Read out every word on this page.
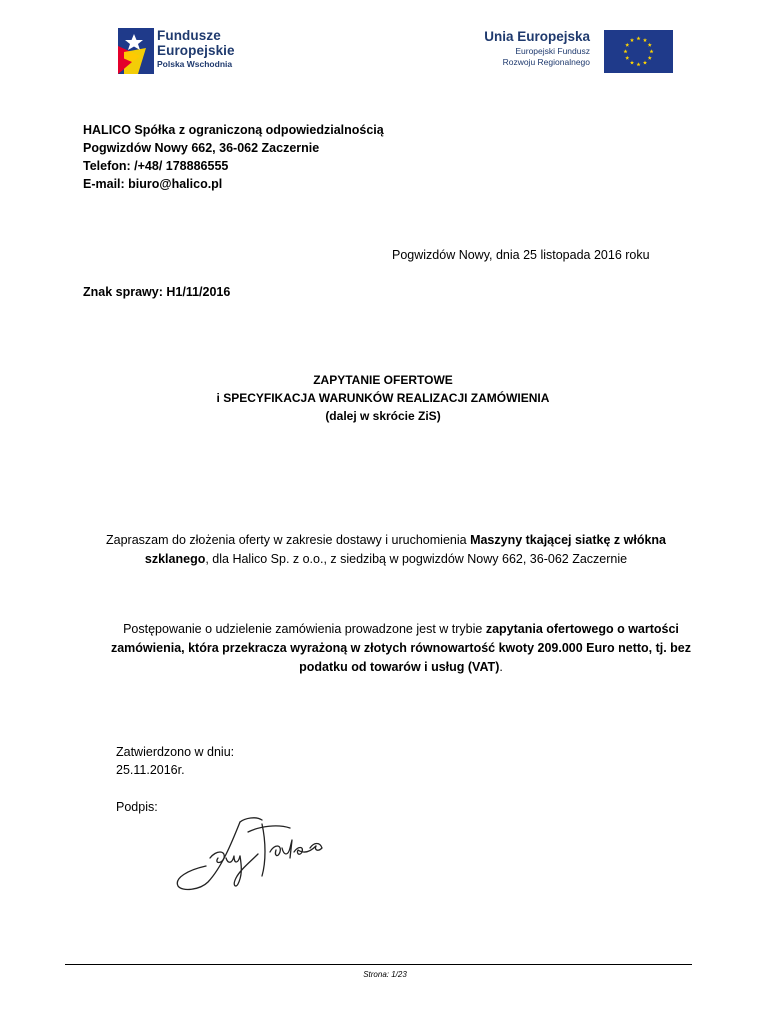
Fundusze
Europejskie
Polska Wschodnia
Unia Europejska
Europejski Fundusz
Rozwoju Regionalnego
HALICO Spółka z ograniczoną odpowiedzialnością
Pogwizdów Nowy 662, 36-062 Zaczernie
Telefon: /+48/ 178886555
E-mail: biuro@halico.pl
Pogwizdów Nowy, dnia 25 listopada 2016 roku
Znak sprawy: H1/11/2016
ZAPYTANIE OFERTOWE
i SPECYFIKACJA WARUNKÓW REALIZACJI ZAMÓWIENIA
(dalej w skrócie ZiS)
Zapraszam do złożenia oferty w zakresie dostawy i uruchomienia Maszyny tkającej siatkę z włókna szklanego, dla Halico Sp. z o.o., z siedzibą w pogwizdów Nowy 662, 36-062 Zaczernie
Postępowanie o udzielenie zamówienia prowadzone jest w trybie zapytania ofertowego o wartości zamówienia, która przekracza wyrażoną w złotych równowartość kwoty 209.000 Euro netto, tj. bez podatku od towarów i usług (VAT).
Zatwierdzono w dniu:
25.11.2016r.
Podpis:
Strona: 1/23
